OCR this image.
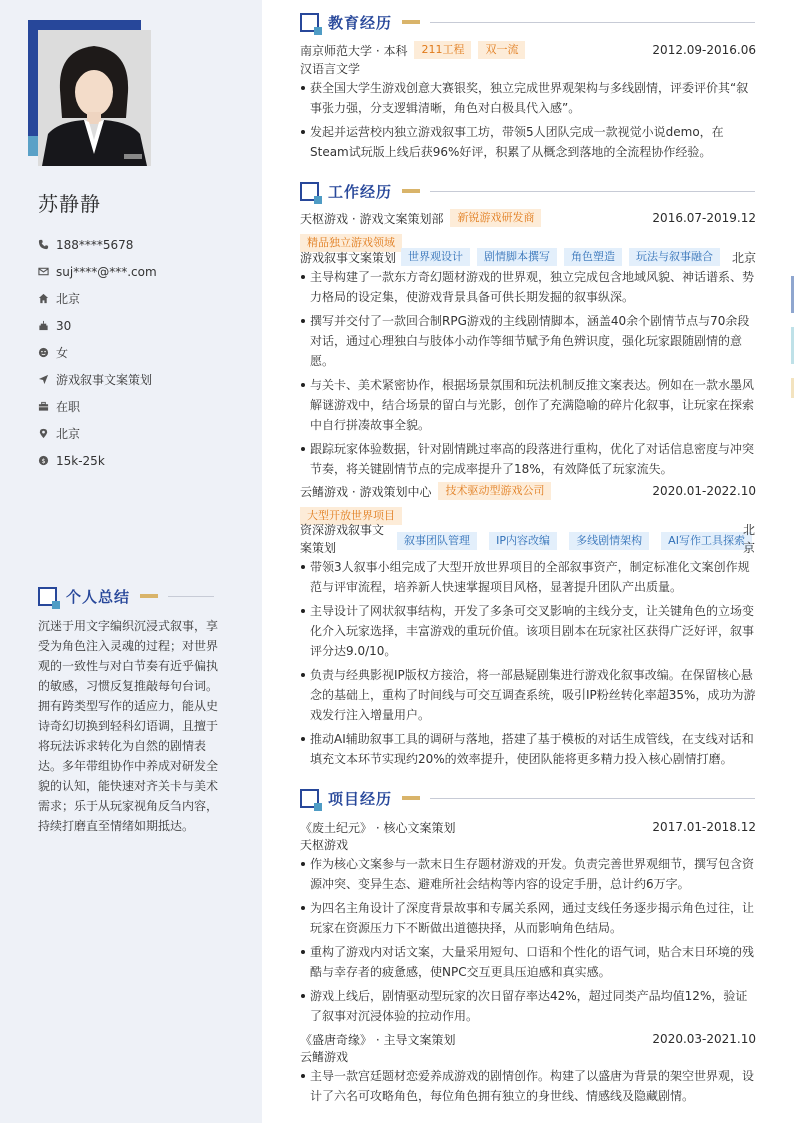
苏静静
188****5678
suj****@***.com
北京
30
女
游戏叙事文案策划
在职
北京
$ 15k-25k
个人总结
沉迷于用文字编织沉浸式叙事，享受为角色注入灵魂的过程；对世界观的一致性与对白节奏有近乎偏执的敏感，习惯反复推敲每句台词。拥有跨类型写作的适应力，能从史诗奇幻切换到轻科幻语调，且擅于将玩法诉求转化为自然的剧情表达。多年带组协作中养成对研发全貌的认知，能快速对齐关卡与美术需求；乐于从玩家视角反刍内容，持续打磨直至情绪如期抵达。
教育经历
南京师范大学 · 本科	211工程	双一流	2012.09-2016.06
汉语言文学
获全国大学生游戏创意大赛银奖，独立完成世界观架构与多线剧情，评委评价其“叙事张力强，分支逻辑清晰，角色对白极具代入感”。
发起并运营校内独立游戏叙事工坊，带领5人团队完成一款视觉小说demo，在Steam试玩版上线后获96%好评，积累了从概念到落地的全流程协作经验。
工作经历
天枢游戏 · 游戏文案策划部	新锐游戏研发商	2016.07-2019.12
精品独立游戏领域
游戏叙事文案策划	世界观设计	剧情脚本撰写	角色塑造	玩法与叙事融合	北京
主导构建了一款东方奇幻题材游戏的世界观，独立完成包含地域风貌、神话谱系、势力格局的设定集，使游戏背景具备可供长期发掘的叙事纵深。
撰写并交付了一款回合制RPG游戏的主线剧情脚本，涵盖40余个剧情节点与70余段对话，通过心理独白与肢体小动作等细节赋予角色辨识度，强化玩家跟随剧情的意愿。
与关卡、美术紧密协作，根据场景氛围和玩法机制反推文案表达。例如在一款水墨风解谜游戏中，结合场景的留白与光影，创作了充满隐喻的碎片化叙事，让玩家在探索中自行拼凑故事全貌。
跟踪玩家体验数据，针对剧情跳过率高的段落进行重构，优化了对话信息密度与冲突节奏，将关键剧情节点的完成率提升了18%，有效降低了玩家流失。
云鳍游戏 · 游戏策划中心	技术驱动型游戏公司	2020.01-2022.10
大型开放世界项目
资深游戏叙事文案策划
叙事团队管理 IP内容改编 多线剧情架构 AI写作工具探索
北京
带领3人叙事小组完成了大型开放世界项目的全部叙事资产，制定标准化文案创作规范与评审流程，培养新人快速掌握项目风格，显著提升团队产出质量。
主导设计了网状叙事结构，开发了多条可交叉影响的主线分支，让关键角色的立场变化介入玩家选择，丰富游戏的重玩价值。该项目剧本在玩家社区获得广泛好评，叙事评分达9.0/10。
负责与经典影视IP版权方接洽，将一部悬疑剧集进行游戏化叙事改编。在保留核心悬念的基础上，重构了时间线与可交互调查系统，吸引IP粉丝转化率超35%，成功为游戏发行注入增量用户。
推动AI辅助叙事工具的调研与落地，搭建了基于模板的对话生成管线，在支线对话和填充文本环节实现约20%的效率提升，使团队能将更多精力投入核心剧情打磨。
项目经历
《废土纪元》 · 核心文案策划	2017.01-2018.12
天枢游戏
作为核心文案参与一款末日生存题材游戏的开发。负责完善世界观细节，撰写包含资源冲突、变异生态、避难所社会结构等内容的设定手册，总计约6万字。
为四名主角设计了深度背景故事和专属关系网，通过支线任务逐步揭示角色过往，让玩家在资源压力下不断做出道德抉择，从而影响角色结局。
重构了游戏内对话文案，大量采用短句、口语和个性化的语气词，贴合末日环境的残酷与幸存者的疲惫感，使NPC交互更具压迫感和真实感。
游戏上线后，剧情驱动型玩家的次日留存率达42%，超过同类产品均值12%，验证了叙事对沉浸体验的拉动作用。
《盛唐奇缘》 · 主导文案策划	2020.03-2021.10
云鳍游戏
主导一款宫廷题材恋爱养成游戏的剧情创作。构建了以盛唐为背景的架空世界观，设计了六名可攻略角色，每位角色拥有独立的身世线、情感线及隐藏剧情。
